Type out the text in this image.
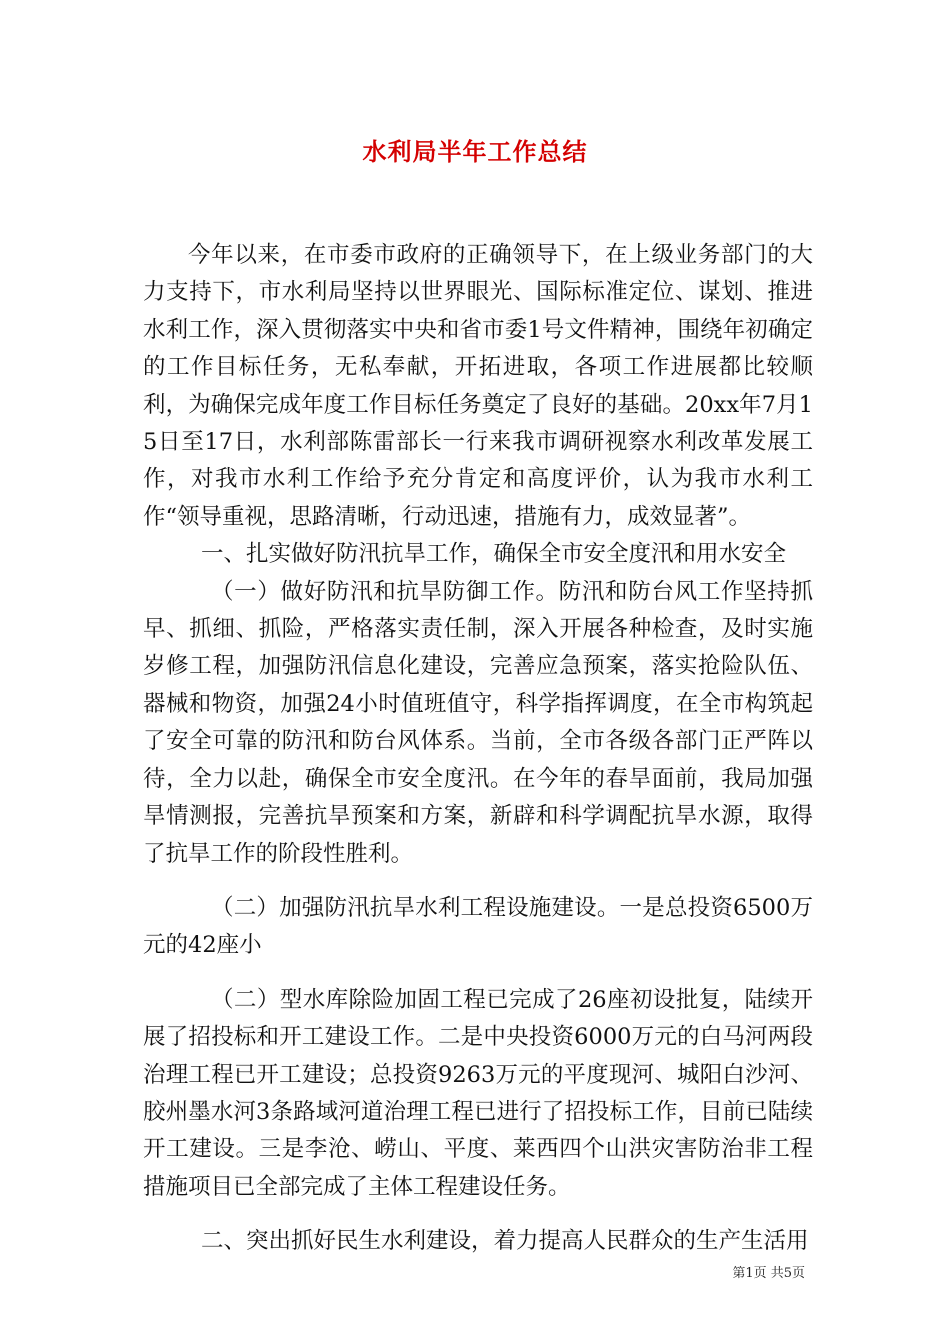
水利局半年工作总结

今年以来，在市委市政府的正确领导下，在上级业务部门的大力支持下，市水利局坚持以世界眼光、国际标准定位、谋划、推进水利工作，深入贯彻落实中央和省市委1号文件精神，围绕年初确定的工作目标任务，无私奉献，开拓进取，各项工作进展都比较顺利，为确保完成年度工作目标任务奠定了良好的基础。20xx年7月15日至17日，水利部陈雷部长一行来我市调研视察水利改革发展工作，对我市水利工作给予充分肯定和高度评价，认为我市水利工作“领导重视，思路清晰，行动迅速，措施有力，成效显著”。

一、扎实做好防汛抗旱工作，确保全市安全度汛和用水安全

（一）做好防汛和抗旱防御工作。防汛和防台风工作坚持抓早、抓细、抓险，严格落实责任制，深入开展各种检查，及时实施岁修工程，加强防汛信息化建设，完善应急预案，落实抢险队伍、器械和物资，加强24小时值班值守，科学指挥调度，在全市构筑起了安全可靠的防汛和防台风体系。当前，全市各级各部门正严阵以待，全力以赴，确保全市安全度汛。在今年的春旱面前，我局加强旱情测报，完善抗旱预案和方案，新辟和科学调配抗旱水源，取得了抗旱工作的阶段性胜利。

（二）加强防汛抗旱水利工程设施建设。一是总投资6500万元的42座小

（二）型水库除险加固工程已完成了26座初设批复，陆续开展了招投标和开工建设工作。二是中央投资6000万元的白马河两段治理工程已开工建设；总投资9263万元的平度现河、城阳白沙河、胶州墨水河3条路域河道治理工程已进行了招投标工作，目前已陆续开工建设。三是李沧、崂山、平度、莱西四个山洪灾害防治非工程措施项目已全部完成了主体工程建设任务。

二、突出抓好民生水利建设，着力提高人民群众的生产生活用

第1页 共5页
